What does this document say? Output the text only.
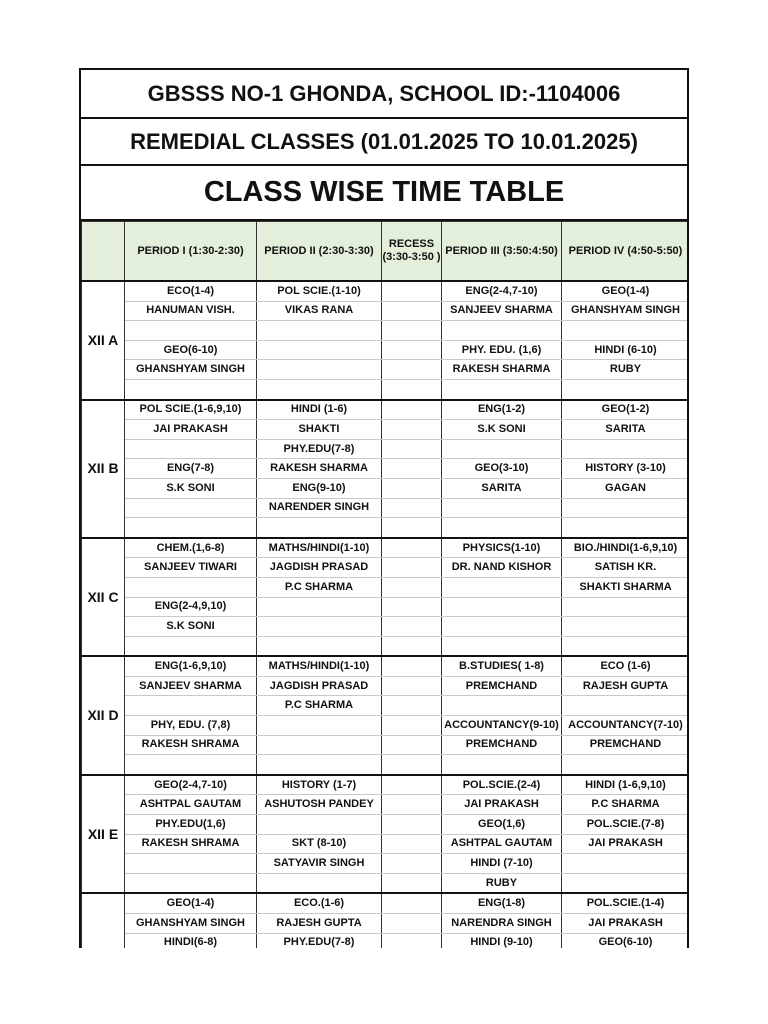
GBSSS NO-1 GHONDA, SCHOOL ID:-1104006
REMEDIAL CLASSES (01.01.2025 TO 10.01.2025)
CLASS WISE TIME TABLE
	PERIOD I (1:30-2:30)	PERIOD II (2:30-3:30)	RECESS (3:30-3:50 )	PERIOD III (3:50:4:50)	PERIOD IV (4:50-5:50)
XII A	ECO(1-4)	POL SCIE.(1-10)		ENG(2-4,7-10)	GEO(1-4)
	HANUMAN VISH.	VIKAS RANA		SANJEEV SHARMA	GHANSHYAM SINGH

	GEO(6-10)			PHY. EDU. (1,6)	HINDI (6-10)
	GHANSHYAM SINGH			RAKESH SHARMA	RUBY

XII B	POL SCIE.(1-6,9,10)	HINDI (1-6)		ENG(1-2)	GEO(1-2)
	JAI PRAKASH	SHAKTI		S.K SONI	SARITA
		PHY.EDU(7-8)			
	ENG(7-8)	RAKESH SHARMA		GEO(3-10)	HISTORY (3-10)
	S.K SONI	ENG(9-10)		SARITA	GAGAN
		NARENDER SINGH			

XII C	CHEM.(1,6-8)	MATHS/HINDI(1-10)		PHYSICS(1-10)	BIO./HINDI(1-6,9,10)
	SANJEEV TIWARI	JAGDISH PRASAD		DR. NAND KISHOR	SATISH KR.
		P.C SHARMA			SHAKTI SHARMA
	ENG(2-4,9,10)				
	S.K SONI				

XII D	ENG(1-6,9,10)	MATHS/HINDI(1-10)		B.STUDIES( 1-8)	ECO (1-6)
	SANJEEV SHARMA	JAGDISH PRASAD		PREMCHAND	RAJESH GUPTA
		P.C SHARMA			
	PHY, EDU. (7,8)			ACCOUNTANCY(9-10)	ACCOUNTANCY(7-10)
	RAKESH SHRAMA			PREMCHAND	PREMCHAND

XII E	GEO(2-4,7-10)	HISTORY (1-7)		POL.SCIE.(2-4)	HINDI (1-6,9,10)
	ASHTPAL GAUTAM	ASHUTOSH PANDEY		JAI PRAKASH	P.C SHARMA
	PHY.EDU(1,6)			GEO(1,6)	POL.SCIE.(7-8)
	RAKESH SHRAMA	SKT (8-10)		ASHTPAL GAUTAM	JAI PRAKASH
		SATYAVIR SINGH		HINDI (7-10)	
				RUBY	
	GEO(1-4)	ECO.(1-6)		ENG(1-8)	POL.SCIE.(1-4)
	GHANSHYAM SINGH	RAJESH GUPTA		NARENDRA SINGH	JAI PRAKASH
	HINDI(6-8)	PHY.EDU(7-8)		HINDI (9-10)	GEO(6-10)
